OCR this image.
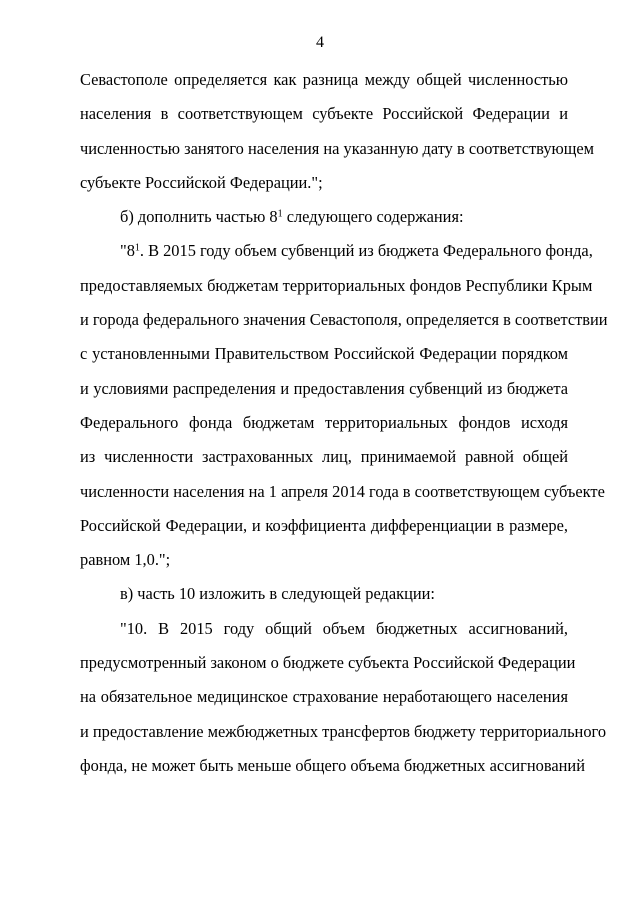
4
Севастополе определяется как разница между общей численностью
населения в соответствующем субъекте Российской Федерации и
численностью занятого населения на указанную дату в соответствующем
субъекте Российской Федерации.";
б) дополнить частью $8^1$ следующего содержания:
"$8^1$. В 2015 году объем субвенций из бюджета Федерального фонда,
предоставляемых бюджетам территориальных фондов Республики Крым
и города федерального значения Севастополя, определяется в соответствии
с установленными Правительством Российской Федерации порядком
и условиями распределения и предоставления субвенций из бюджета
Федерального фонда бюджетам территориальных фондов исходя
из численности застрахованных лиц, принимаемой равной общей
численности населения на 1 апреля 2014 года в соответствующем субъекте
Российской Федерации, и коэффициента дифференциации в размере,
равном 1,0.";
в) часть 10 изложить в следующей редакции:
"10. В 2015 году общий объем бюджетных ассигнований,
предусмотренный законом о бюджете субъекта Российской Федерации
на обязательное медицинское страхование неработающего населения
и предоставление межбюджетных трансфертов бюджету территориального
фонда, не может быть меньше общего объема бюджетных ассигнований
